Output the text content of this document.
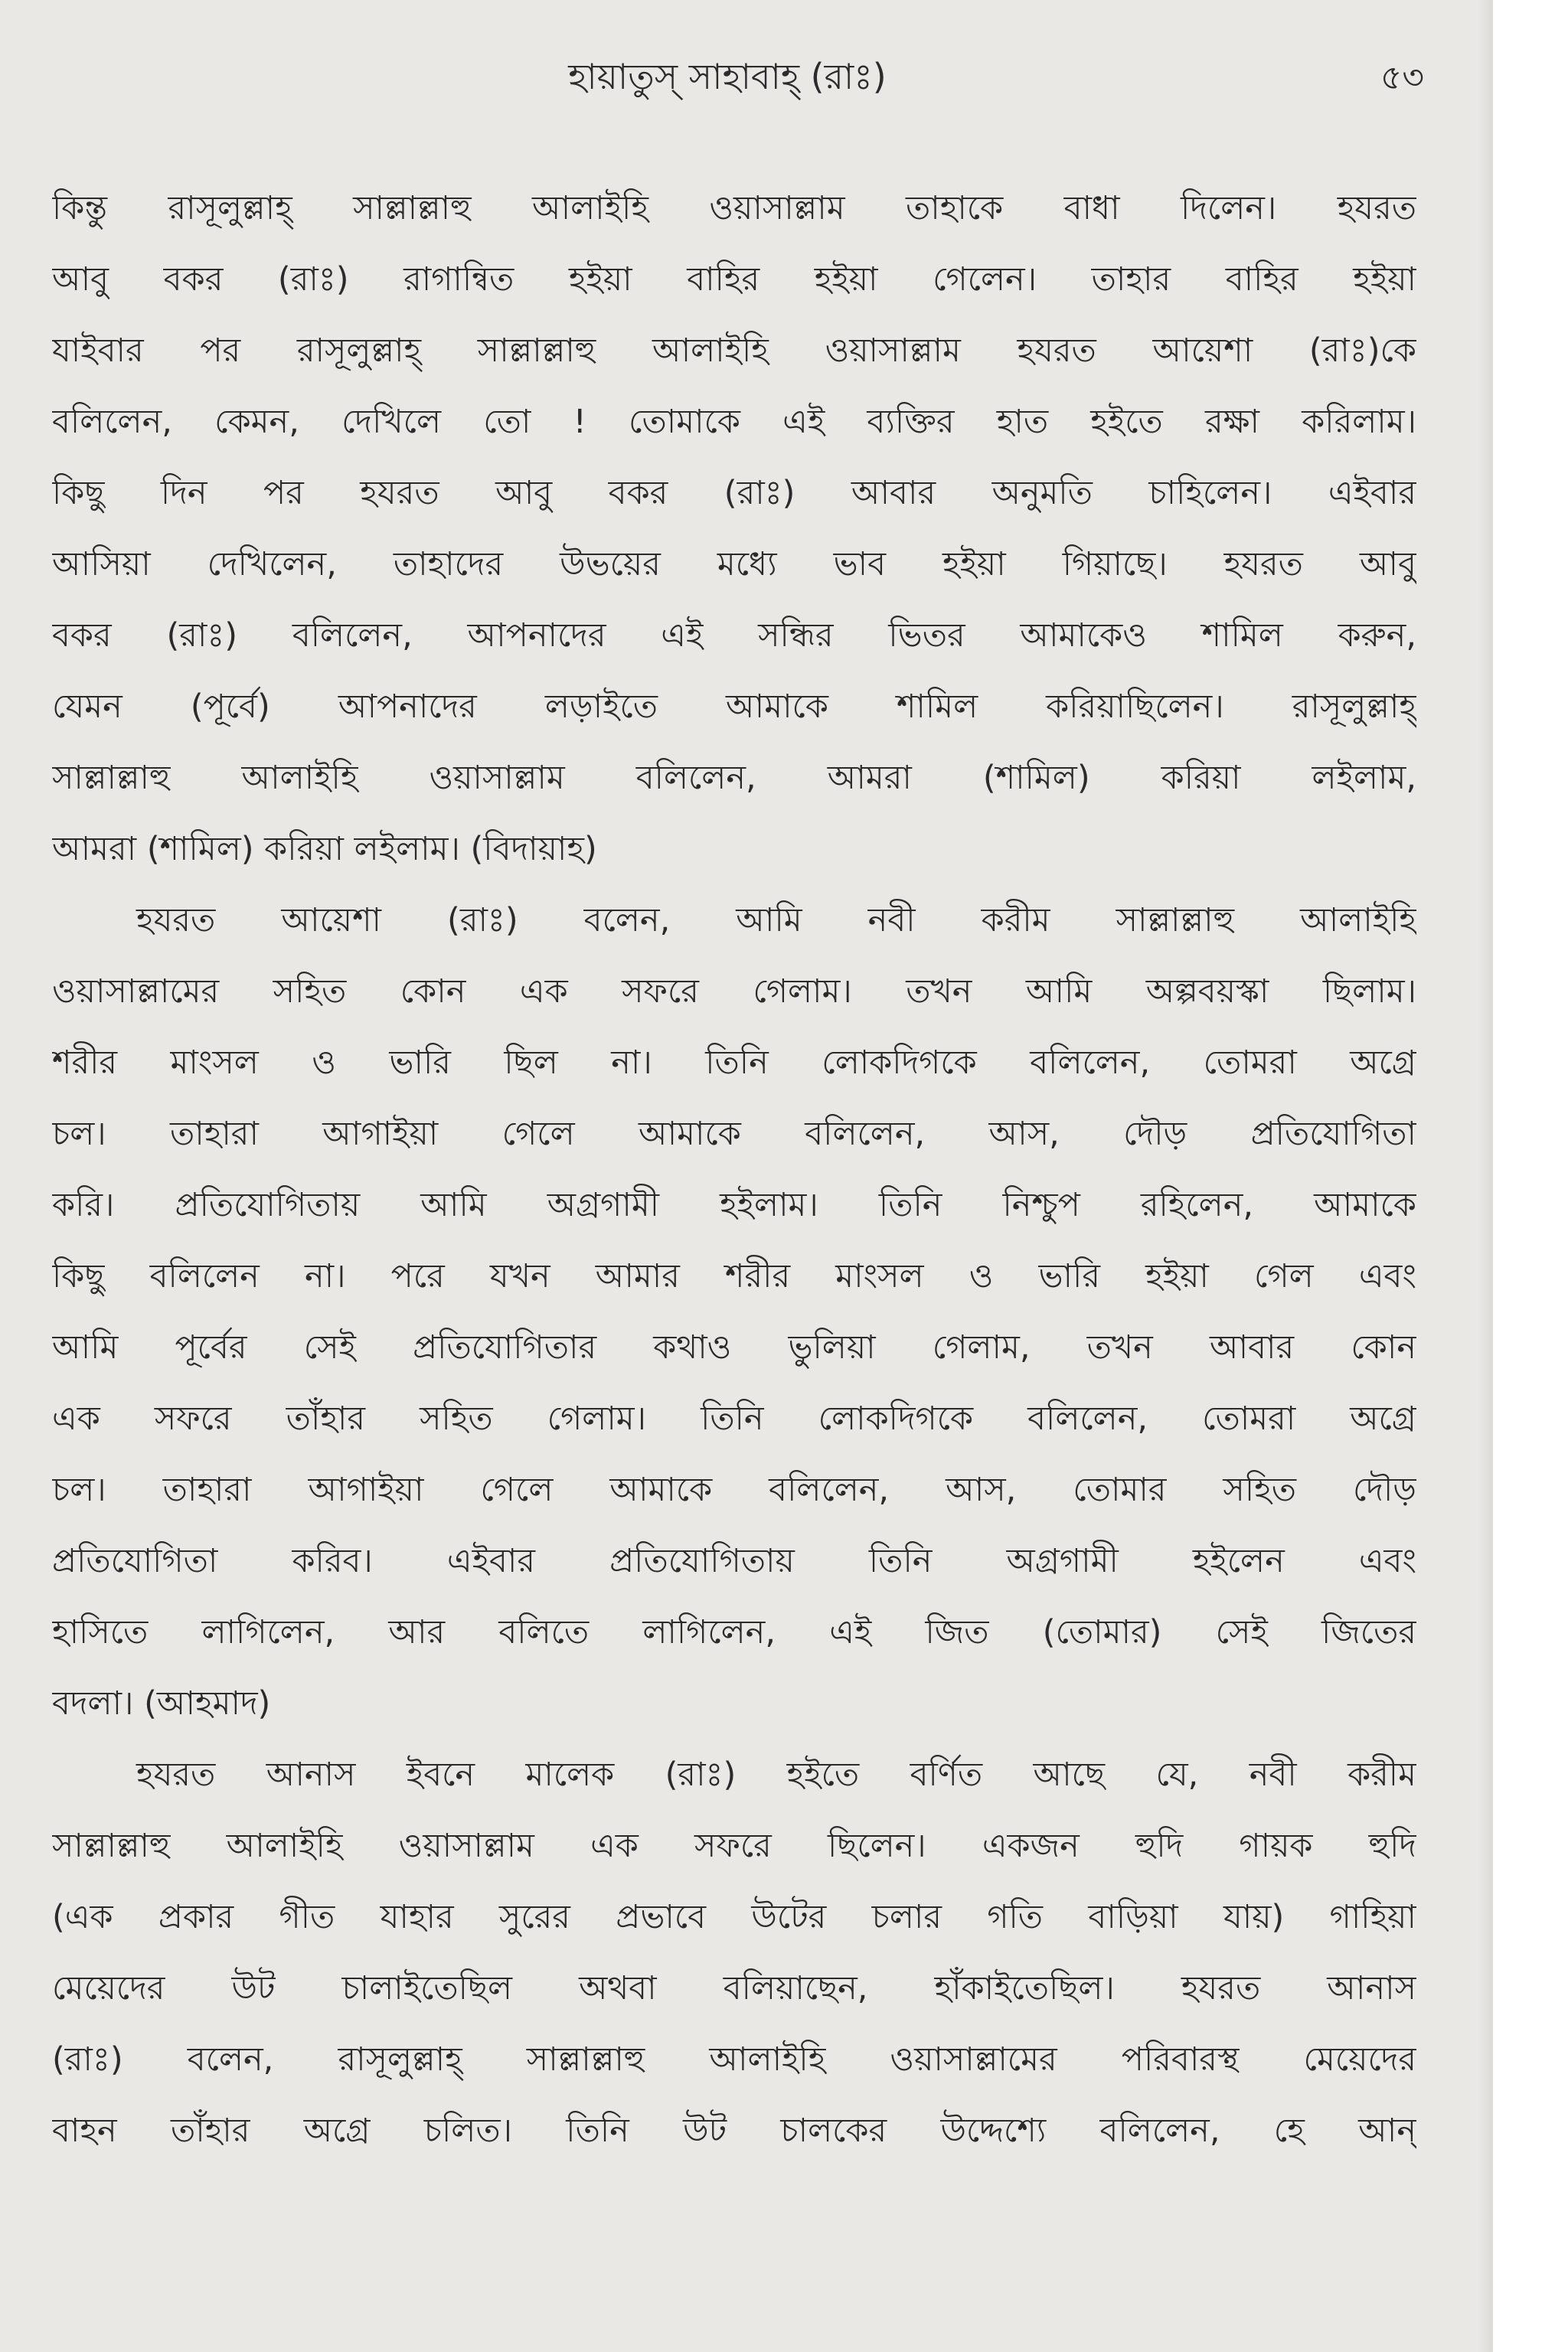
হায়াতুস্ সাহাবাহ্ (রাঃ)	৫৩
কিন্তু রাসূলুল্লাহ্ সাল্লাল্লাহু আলাইহি ওয়াসাল্লাম তাহাকে বাধা দিলেন। হযরত
আবু বকর (রাঃ) রাগান্বিত হইয়া বাহির হইয়া গেলেন। তাহার বাহির হইয়া
যাইবার পর রাসূলুল্লাহ্ সাল্লাল্লাহু আলাইহি ওয়াসাল্লাম হযরত আয়েশা (রাঃ)কে
বলিলেন, কেমন, দেখিলে তো ! তোমাকে এই ব্যক্তির হাত হইতে রক্ষা করিলাম।
কিছু দিন পর হযরত আবু বকর (রাঃ) আবার অনুমতি চাহিলেন। এইবার
আসিয়া দেখিলেন, তাহাদের উভয়ের মধ্যে ভাব হইয়া গিয়াছে। হযরত আবু
বকর (রাঃ) বলিলেন, আপনাদের এই সন্ধির ভিতর আমাকেও শামিল করুন,
যেমন (পূর্বে) আপনাদের লড়াইতে আমাকে শামিল করিয়াছিলেন। রাসূলুল্লাহ্
সাল্লাল্লাহু আলাইহি ওয়াসাল্লাম বলিলেন, আমরা (শামিল) করিয়া লইলাম,
আমরা (শামিল) করিয়া লইলাম। (বিদায়াহ)
হযরত আয়েশা (রাঃ) বলেন, আমি নবী করীম সাল্লাল্লাহু আলাইহি
ওয়াসাল্লামের সহিত কোন এক সফরে গেলাম। তখন আমি অল্পবয়স্কা ছিলাম।
শরীর মাংসল ও ভারি ছিল না। তিনি লোকদিগকে বলিলেন, তোমরা অগ্রে
চল। তাহারা আগাইয়া গেলে আমাকে বলিলেন, আস, দৌড় প্রতিযোগিতা
করি। প্রতিযোগিতায় আমি অগ্রগামী হইলাম। তিনি নিশ্চুপ রহিলেন, আমাকে
কিছু বলিলেন না। পরে যখন আমার শরীর মাংসল ও ভারি হইয়া গেল এবং
আমি পূর্বের সেই প্রতিযোগিতার কথাও ভুলিয়া গেলাম, তখন আবার কোন
এক সফরে তাঁহার সহিত গেলাম। তিনি লোকদিগকে বলিলেন, তোমরা অগ্রে
চল। তাহারা আগাইয়া গেলে আমাকে বলিলেন, আস, তোমার সহিত দৌড়
প্রতিযোগিতা করিব। এইবার প্রতিযোগিতায় তিনি অগ্রগামী হইলেন এবং
হাসিতে লাগিলেন, আর বলিতে লাগিলেন, এই জিত (তোমার) সেই জিতের
বদলা। (আহমাদ)
হযরত আনাস ইবনে মালেক (রাঃ) হইতে বর্ণিত আছে যে, নবী করীম
সাল্লাল্লাহু আলাইহি ওয়াসাল্লাম এক সফরে ছিলেন। একজন হুদি গায়ক হুদি
(এক প্রকার গীত যাহার সুরের প্রভাবে উটের চলার গতি বাড়িয়া যায়) গাহিয়া
মেয়েদের উট চালাইতেছিল অথবা বলিয়াছেন, হাঁকাইতেছিল। হযরত আনাস
(রাঃ) বলেন, রাসূলুল্লাহ্ সাল্লাল্লাহু আলাইহি ওয়াসাল্লামের পরিবারস্থ মেয়েদের
বাহন তাঁহার অগ্রে চলিত। তিনি উট চালকের উদ্দেশ্যে বলিলেন, হে আন্
